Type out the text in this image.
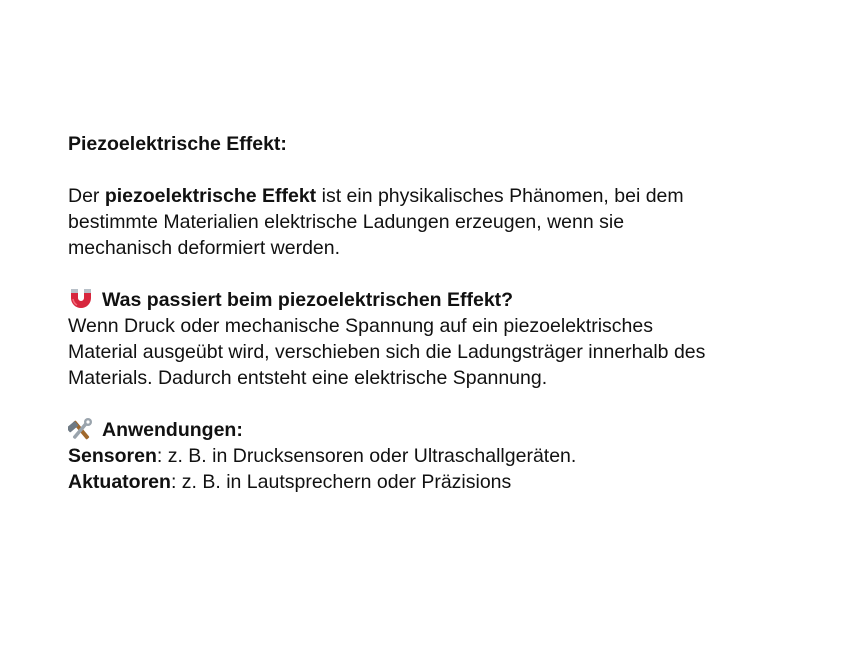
Piezoelektrische Effekt:
Der piezoelektrische Effekt ist ein physikalisches Phänomen, bei dem
bestimmte Materialien elektrische Ladungen erzeugen, wenn sie
mechanisch deformiert werden.
Was passiert beim piezoelektrischen Effekt?
Wenn Druck oder mechanische Spannung auf ein piezoelektrisches
Material ausgeübt wird, verschieben sich die Ladungsträger innerhalb des
Materials. Dadurch entsteht eine elektrische Spannung.
Anwendungen:
Sensoren: z. B. in Drucksensoren oder Ultraschallgeräten.
Aktuatoren: z. B. in Lautsprechern oder Präzisions
